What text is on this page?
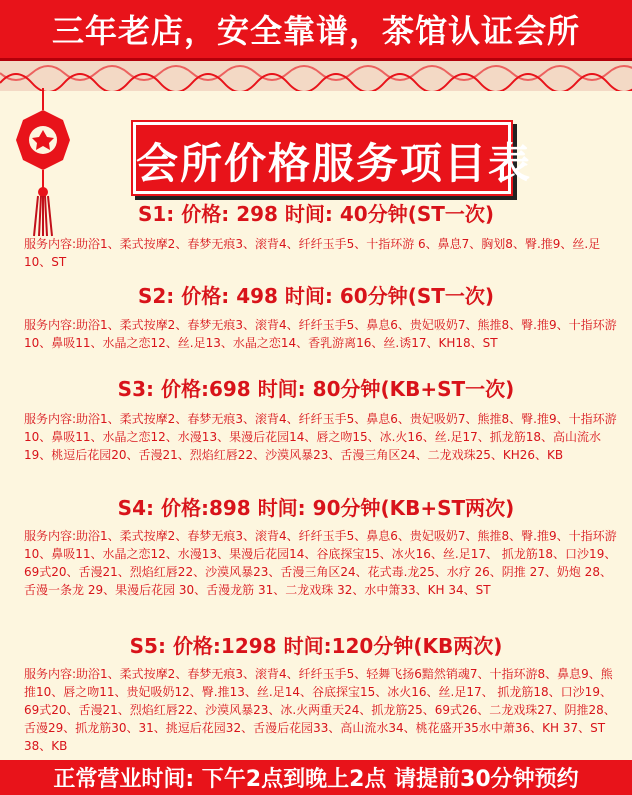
三年老店，安全靠谱，茶馆认证会所
会所价格服务项目表
S1: 价格: 298 时间: 40分钟(ST一次)
服务内容:助浴1、柔式按摩2、春梦无痕3、滚背4、纤纤玉手5、十指环游 6、鼻息7、胸划8、臀.推9、丝.足10、ST
S2: 价格: 498 时间: 60分钟(ST一次)
服务内容:助浴1、柔式按摩2、春梦无痕3、滚背4、纤纤玉手5、鼻息6、贵妃吸奶7、熊推8、臀.推9、十指环游10、鼻吸11、水晶之恋12、丝.足13、水晶之恋14、香乳游离16、丝.诱17、KH18、ST
S3: 价格:698 时间: 80分钟(KB+ST一次)
服务内容:助浴1、柔式按摩2、春梦无痕3、滚背4、纤纤玉手5、鼻息6、贵妃吸奶7、熊推8、臀.推9、十指环游10、鼻吸11、水晶之恋12、水漫13、果漫后花园14、唇之吻15、冰.火16、丝.足17、抓龙筋18、高山流水19、桃逗后花园20、舌漫21、烈焰红唇22、沙漠风暴23、舌漫三角区24、二龙戏珠25、KH26、KB
S4: 价格:898 时间: 90分钟(KB+ST两次)
服务内容:助浴1、柔式按摩2、春梦无痕3、滚背4、纤纤玉手5、鼻息6、贵妃吸奶7、熊推8、臀.推9、十指环游10、鼻吸11、水晶之恋12、水漫13、果漫后花园14、谷底探宝15、冰火16、丝.足17、 抓龙筋18、口沙19、69式20、舌漫21、烈焰红唇22、沙漠风暴23、舌漫三角区24、花式毒.龙25、水疗 26、阴推 27、奶炮 28、舌漫一条龙 29、果漫后花园 30、舌漫龙筋 31、二龙戏珠 32、水中箫33、KH 34、ST
S5: 价格:1298 时间:120分钟(KB两次)
服务内容:助浴1、柔式按摩2、春梦无痕3、滚背4、纤纤玉手5、轻舞飞扬6黯然销魂7、十指环游8、鼻息9、熊推10、唇之吻11、贵妃吸奶12、臀.推13、丝.足14、谷底探宝15、冰火16、丝.足17、 抓龙筋18、口沙19、69式20、舌漫21、烈焰红唇22、沙漠风暴23、冰.火两重天24、抓龙筋25、69式26、二龙戏珠27、阴推28、舌漫29、抓龙筋30、31、挑逗后花园32、舌漫后花园33、高山流水34、桃花盛开35水中萧36、KH 37、ST 38、KB
正常营业时间: 下午2点到晚上2点 请提前30分钟预约
